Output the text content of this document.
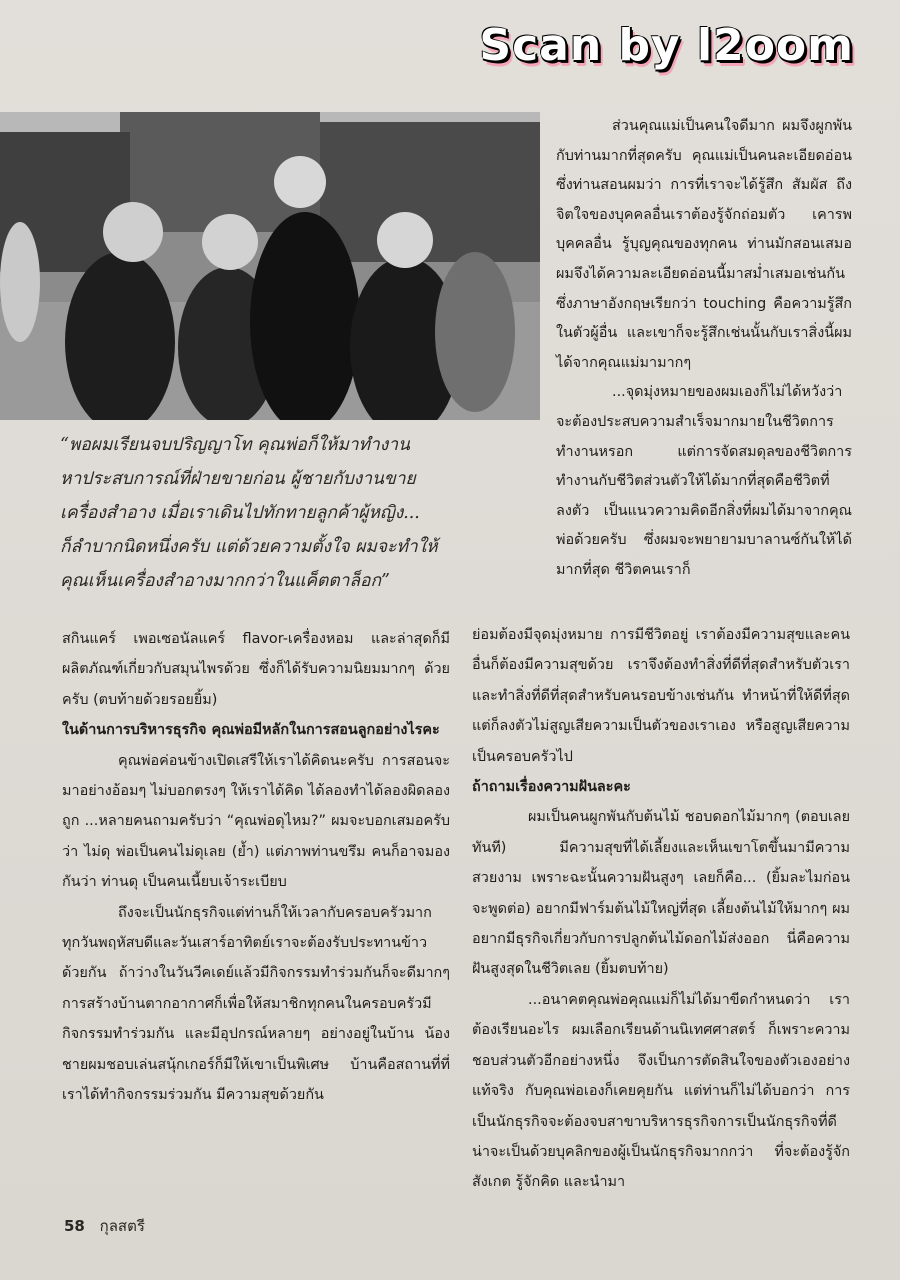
Scan by l2oom

ส่วนคุณแม่เป็นคนใจดีมาก ผมจึงผูกพันกับท่านมากที่สุดครับ คุณแม่เป็นคนละเอียดอ่อน ซึ่งท่านสอนผมว่า การที่เราจะได้รู้สึก สัมผัส ถึงจิตใจของบุคคลอื่นเราต้องรู้จักถ่อมตัว เคารพบุคคลอื่น รู้บุญคุณของทุกคน ท่านมักสอนเสมอ ผมจึงได้ความละเอียดอ่อนนี้มาสม่ำเสมอเช่นกัน ซึ่งภาษาอังกฤษเรียกว่า touching คือความรู้สึกในตัวผู้อื่น และเขาก็จะรู้สึกเช่นนั้นกับเราสิ่งนี้ผมได้จากคุณแม่มามากๆ

...จุดมุ่งหมายของผมเองก็ไม่ได้หวังว่าจะต้องประสบความสำเร็จมากมายในชีวิตการทำงานหรอก แต่การจัดสมดุลของชีวิตการทำงานกับชีวิตส่วนตัวให้ได้มากที่สุดคือชีวิตที่ลงตัว เป็นแนวความคิดอีกสิ่งที่ผมได้มาจากคุณพ่อด้วยครับ ซึ่งผมจะพยายามบาลานซ์กันให้ได้มากที่สุด ชีวิตคนเราก็

“พอผมเรียนจบปริญญาโท คุณพ่อก็ให้มาทำงาน

หาประสบการณ์ที่ฝ่ายขายก่อน ผู้ชายกับงานขาย

เครื่องสำอาง เมื่อเราเดินไปทักทายลูกค้าผู้หญิง...

ก็ลำบากนิดหนึ่งครับ แต่ด้วยความตั้งใจ ผมจะทำให้

คุณเห็นเครื่องสำอางมากกว่าในแค็ตตาล็อก”

สกินแคร์ เพอเซอนัลแคร์ flavor-เครื่องหอม และล่าสุดก็มีผลิตภัณฑ์เกี่ยวกับสมุนไพรด้วย ซึ่งก็ได้รับความนิยมมากๆ ด้วยครับ (ตบท้ายด้วยรอยยิ้ม)

ในด้านการบริหารธุรกิจ คุณพ่อมีหลักในการสอนลูกอย่างไรคะ

คุณพ่อค่อนข้างเปิดเสรีให้เราได้คิดนะครับ การสอนจะมาอย่างอ้อมๆ ไม่บอกตรงๆ ให้เราได้คิด ได้ลองทำได้ลองผิดลองถูก ...หลายคนถามครับว่า “คุณพ่อดุไหม?” ผมจะบอกเสมอครับว่า ไม่ดุ พ่อเป็นคนไม่ดุเลย (ย้ำ) แต่ภาพท่านขรึม คนก็อาจมองกันว่า ท่านดุ เป็นคนเนี้ยบเจ้าระเบียบ

ถึงจะเป็นนักธุรกิจแต่ท่านก็ให้เวลากับครอบครัวมาก ทุกวันพฤหัสบดีและวันเสาร์อาทิตย์เราจะต้องรับประทานข้าวด้วยกัน ถ้าว่างในวันวีคเดย์แล้วมีกิจกรรมทำร่วมกันก็จะดีมากๆ การสร้างบ้านตากอากาศก็เพื่อให้สมาชิกทุกคนในครอบครัวมีกิจกรรมทำร่วมกัน และมีอุปกรณ์หลายๆ อย่างอยู่ในบ้าน น้องชายผมชอบเล่นสนุ้กเกอร์ก็มีให้เขาเป็นพิเศษ บ้านคือสถานที่ที่เราได้ทำกิจกรรมร่วมกัน มีความสุขด้วยกัน

ย่อมต้องมีจุดมุ่งหมาย การมีชีวิตอยู่ เราต้องมีความสุขและคนอื่นก็ต้องมีความสุขด้วย เราจึงต้องทำสิ่งที่ดีที่สุดสำหรับตัวเรา และทำสิ่งที่ดีที่สุดสำหรับคนรอบข้างเช่นกัน ทำหน้าที่ให้ดีที่สุด แต่ก็ลงตัวไม่สูญเสียความเป็นตัวของเราเอง หรือสูญเสียความเป็นครอบครัวไป

ถ้าถามเรื่องความฝันละคะ

ผมเป็นคนผูกพันกับต้นไม้ ชอบดอกไม้มากๆ (ตอบเลยทันที) มีความสุขที่ได้เลี้ยงและเห็นเขาโตขึ้นมามีความสวยงาม เพราะฉะนั้นความฝันสูงๆ เลยก็คือ... (ยิ้มละไมก่อนจะพูดต่อ) อยากมีฟาร์มต้นไม้ใหญ่ที่สุด เลี้ยงต้นไม้ให้มากๆ ผมอยากมีธุรกิจเกี่ยวกับการปลูกต้นไม้ดอกไม้ส่งออก นี่คือความฝันสูงสุดในชีวิตเลย (ยิ้มตบท้าย)

...อนาคตคุณพ่อคุณแม่ก็ไม่ได้มาขีดกำหนดว่า เราต้องเรียนอะไร ผมเลือกเรียนด้านนิเทศศาสตร์ ก็เพราะความชอบส่วนตัวอีกอย่างหนึ่ง จึงเป็นการตัดสินใจของตัวเองอย่างแท้จริง กับคุณพ่อเองก็เคยคุยกัน แต่ท่านก็ไม่ได้บอกว่า การเป็นนักธุรกิจจะต้องจบสาขาบริหารธุรกิจการเป็นนักธุรกิจที่ดีน่าจะเป็นด้วยบุคลิกของผู้เป็นนักธุรกิจมากกว่า ที่จะต้องรู้จักสังเกต รู้จักคิด และนำมา

58 กุลสตรี
